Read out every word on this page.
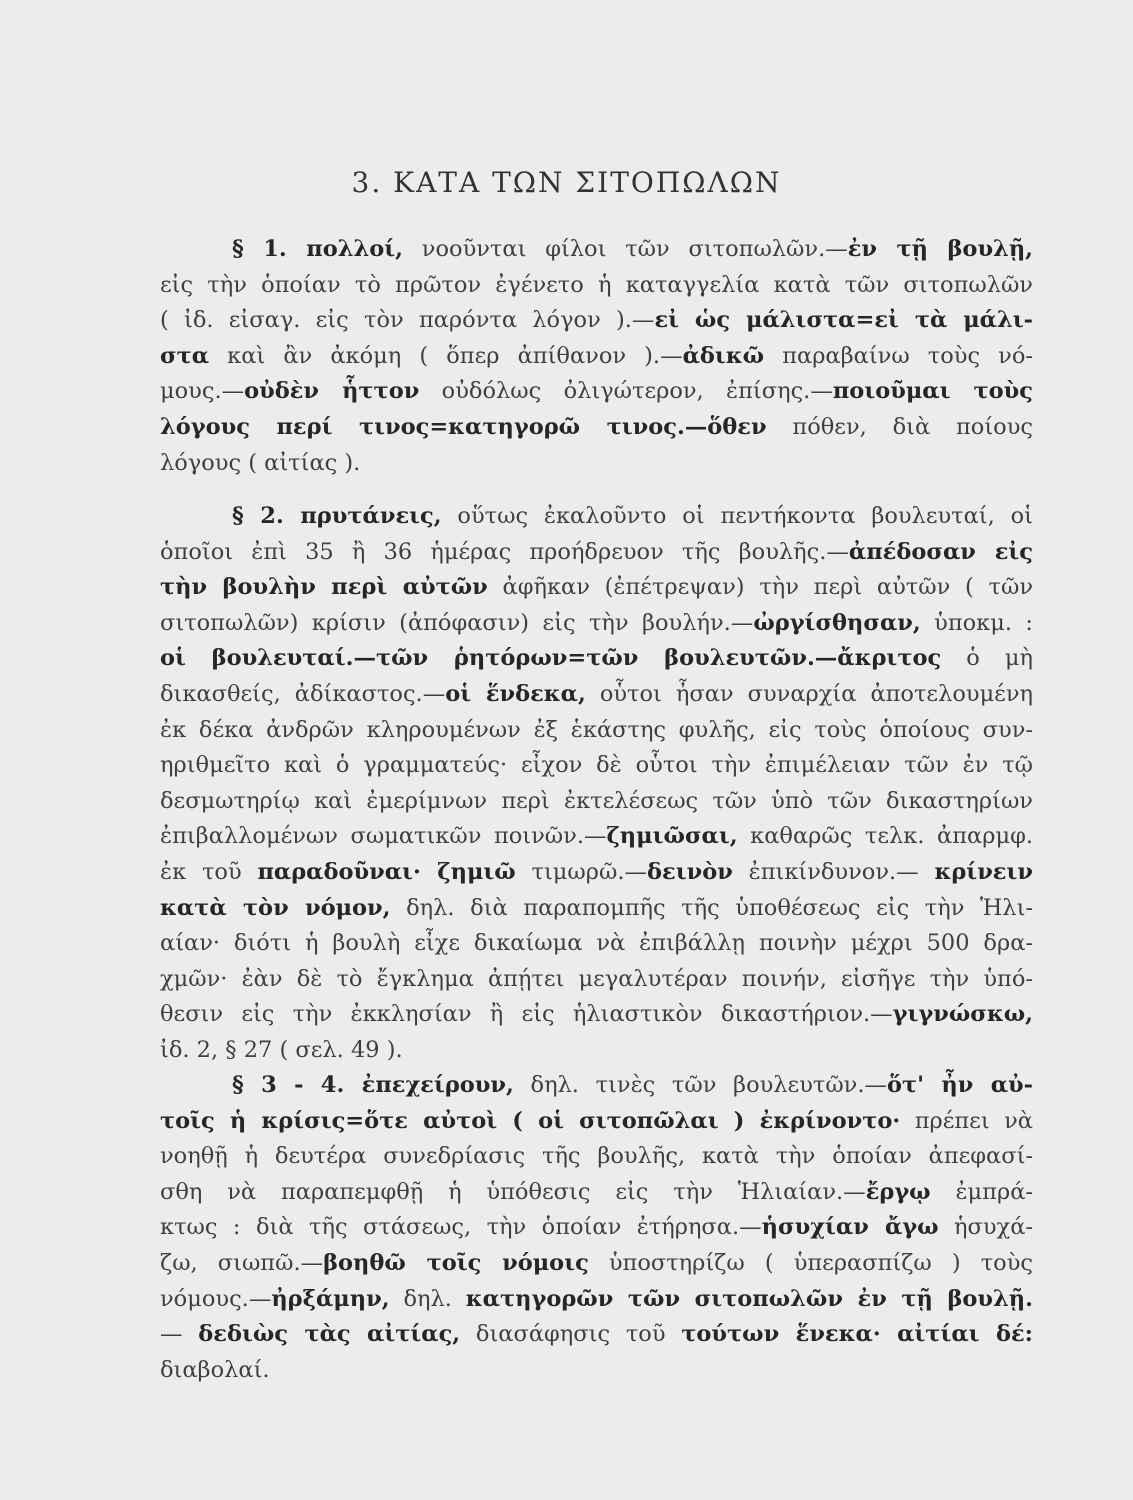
3. ΚΑΤΑ ΤΩΝ ΣΙΤΟΠΩΛΩΝ
§ 1. πολλοί, νοοῦνται φίλοι τῶν σιτοπωλῶν.—ἐν τῇ βουλῇ,
εἰς τὴν ὁποίαν τὸ πρῶτον ἐγένετο ἡ καταγγελία κατὰ τῶν σιτοπωλῶν
( ἰδ. εἰσαγ. εἰς τὸν παρόντα λόγον ).—εἰ ὡς μάλιστα=εἰ τὰ μάλι-
στα καὶ ἂν ἀκόμη ( ὅπερ ἀπίθανον ).—ἀδικῶ παραβαίνω τοὺς νό-
μους.—οὐδὲν ἧττον οὐδόλως ὀλιγώτερον, ἐπίσης.—ποιοῦμαι τοὺς
λόγους περί τινος=κατηγορῶ τινος.—ὅθεν πόθεν, διὰ ποίους
λόγους ( αἰτίας ).
§ 2. πρυτάνεις, οὕτως ἐκαλοῦντο οἱ πεντήκοντα βουλευταί, οἱ
ὁποῖοι ἐπὶ 35 ἢ 36 ἡμέρας προήδρευον τῆς βουλῆς.—ἀπέδοσαν εἰς
τὴν βουλὴν περὶ αὐτῶν ἀφῆκαν (ἐπέτρεψαν) τὴν περὶ αὐτῶν ( τῶν
σιτοπωλῶν) κρίσιν (ἀπόφασιν) εἰς τὴν βουλήν.—ὠργίσθησαν, ὑποκμ. :
οἱ βουλευταί.—τῶν ῥητόρων=τῶν βουλευτῶν.—ἄκριτος ὁ μὴ
δικασθείς, ἀδίκαστος.—οἱ ἕνδεκα, οὗτοι ἦσαν συναρχία ἀποτελουμένη
ἐκ δέκα ἀνδρῶν κληρουμένων ἐξ ἑκάστης φυλῆς, εἰς τοὺς ὁποίους συν-
ηριθμεῖτο καὶ ὁ γραμματεύς· εἶχον δὲ οὗτοι τὴν ἐπιμέλειαν τῶν ἐν τῷ
δεσμωτηρίῳ καὶ ἐμερίμνων περὶ ἐκτελέσεως τῶν ὑπὸ τῶν δικαστηρίων
ἐπιβαλλομένων σωματικῶν ποινῶν.—ζημιῶσαι, καθαρῶς τελκ. ἀπαρμφ.
ἐκ τοῦ παραδοῦναι· ζημιῶ τιμωρῶ.—δεινὸν ἐπικίνδυνον.— κρίνειν
κατὰ τὸν νόμον, δηλ. διὰ παραπομπῆς τῆς ὑποθέσεως εἰς τὴν Ἡλι-
αίαν· διότι ἡ βουλὴ εἶχε δικαίωμα νὰ ἐπιβάλλῃ ποινὴν μέχρι 500 δρα-
χμῶν· ἐὰν δὲ τὸ ἔγκλημα ἀπῄτει μεγαλυτέραν ποινήν, εἰσῆγε τὴν ὑπό-
θεσιν εἰς τὴν ἐκκλησίαν ἢ εἰς ἡλιαστικὸν δικαστήριον.—γιγνώσκω,
ἰδ. 2, § 27 ( σελ. 49 ).
§ 3 - 4. ἐπεχείρουν, δηλ. τινὲς τῶν βουλευτῶν.—ὅτ' ἦν αὐ-
τοῖς ἡ κρίσις=ὅτε αὐτοὶ ( οἱ σιτοπῶλαι ) ἐκρίνοντο· πρέπει νὰ
νοηθῇ ἡ δευτέρα συνεδρίασις τῆς βουλῆς, κατὰ τὴν ὁποίαν ἀπεφασί-
σθη νὰ παραπεμφθῇ ἡ ὑπόθεσις εἰς τὴν Ἡλιαίαν.—ἔργῳ ἐμπρά-
κτως : διὰ τῆς στάσεως, τὴν ὁποίαν ἐτήρησα.—ἡσυχίαν ἄγω ἡσυχά-
ζω, σιωπῶ.—βοηθῶ τοῖς νόμοις ὑποστηρίζω ( ὑπερασπίζω ) τοὺς
νόμους.—ἠρξάμην, δηλ. κατηγορῶν τῶν σιτοπωλῶν ἐν τῇ βουλῇ.
— δεδιὼς τὰς αἰτίας, διασάφησις τοῦ τούτων ἕνεκα· αἰτίαι δέ:
διαβολαί.
